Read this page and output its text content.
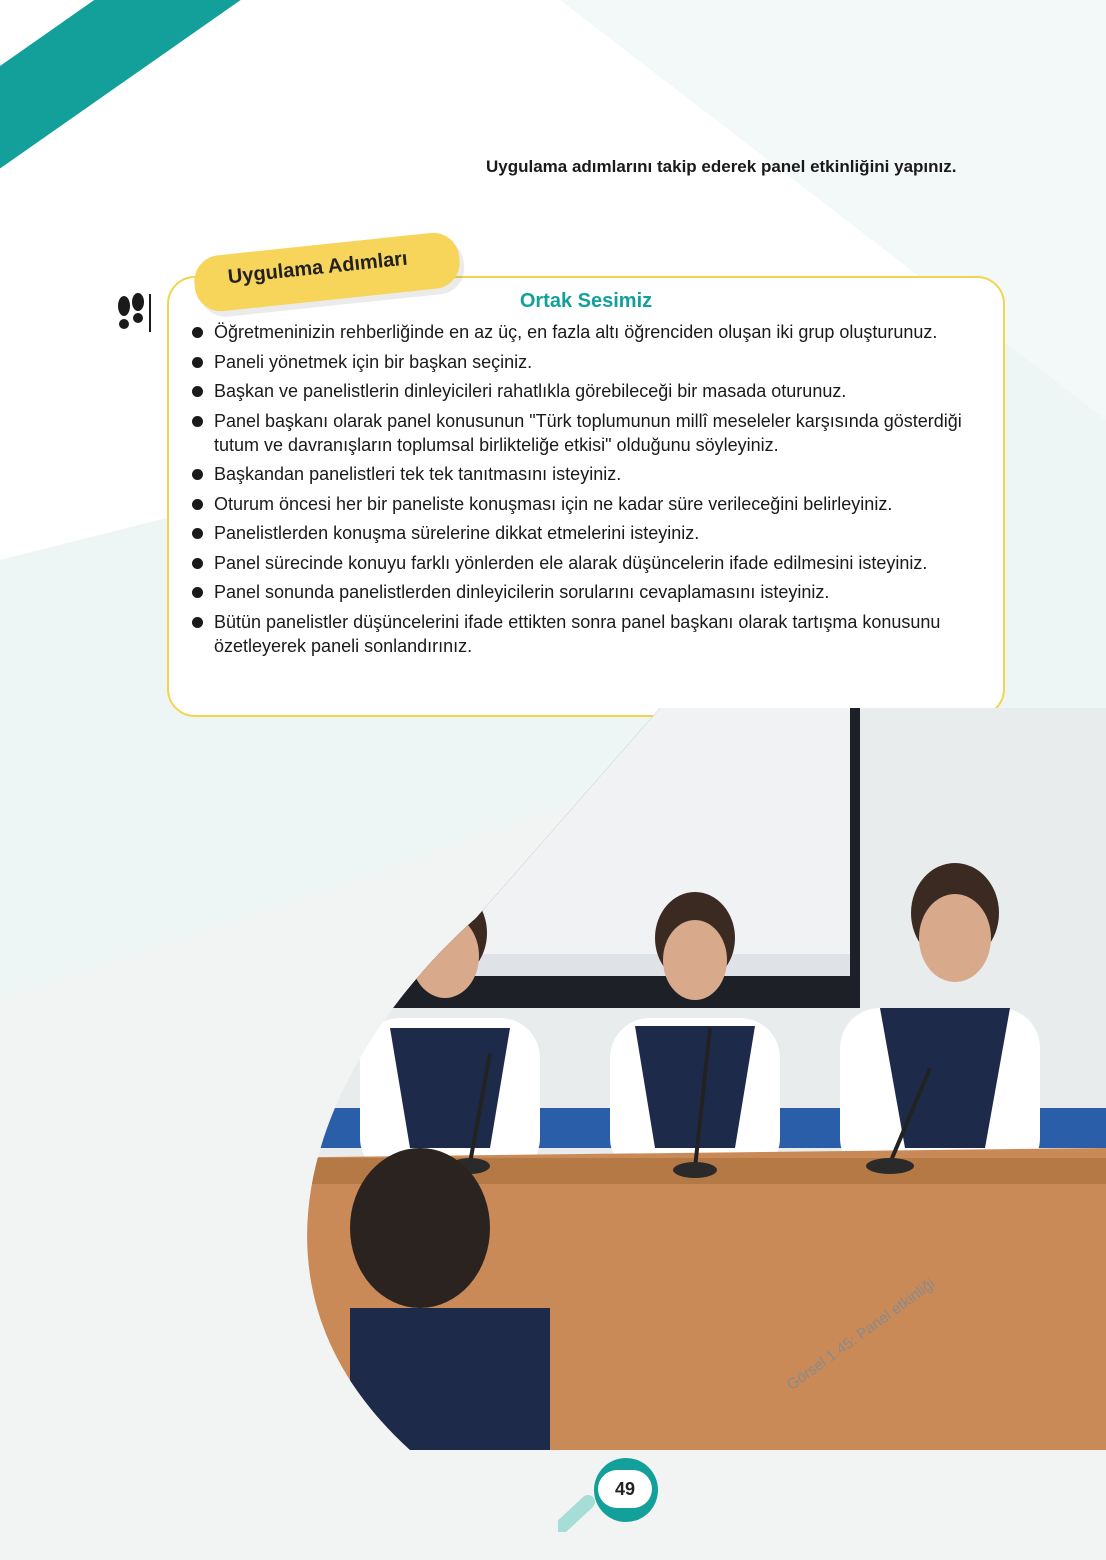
UYGULAYALIM
Uygulama adımlarını takip ederek panel etkinliğini yapınız.
Ortak Sesimiz
Öğretmeninizin rehberliğinde en az üç, en fazla altı öğrenciden oluşan iki grup oluşturunuz.
Paneli yönetmek için bir başkan seçiniz.
Başkan ve panelistlerin dinleyicileri rahatlıkla görebileceği bir masada oturunuz.
Panel başkanı olarak panel konusunun "Türk toplumunun millî meseleler karşısında gösterdiği tutum ve davranışların toplumsal birlikteliğe etkisi" olduğunu söyleyiniz.
Başkandan panelistleri tek tek tanıtmasını isteyiniz.
Oturum öncesi her bir paneliste konuşması için ne kadar süre verileceğini belirleyiniz.
Panelistlerden konuşma sürelerine dikkat etmelerini isteyiniz.
Panel sürecinde konuyu farklı yönlerden ele alarak düşüncelerin ifade edilmesini isteyiniz.
Panel sonunda panelistlerden dinleyicilerin sorularını cevaplamasını isteyiniz.
Bütün panelistler düşüncelerini ifade ettikten sonra panel başkanı olarak tartışma konusunu özetleyerek paneli sonlandırınız.
Uygulama Adımları
Görsel 1.45: Panel etkinliği
49
